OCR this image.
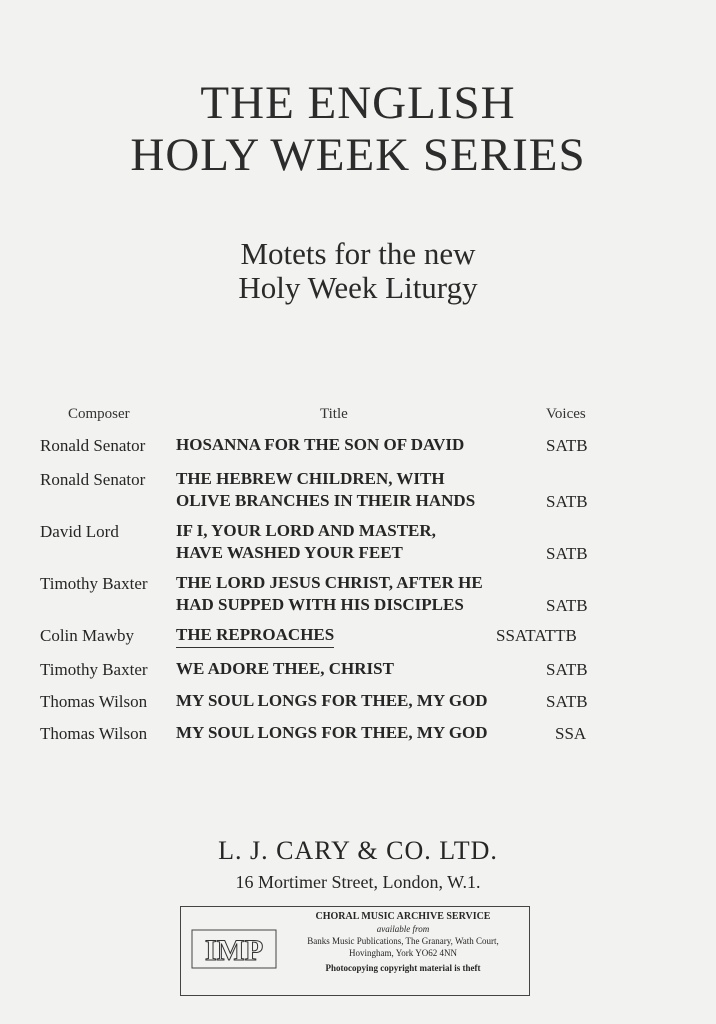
THE ENGLISH
HOLY WEEK SERIES
Motets for the new
Holy Week Liturgy
Composer	Title	Voices
Ronald Senator HOSANNA FOR THE SON OF DAVID	SATB
Ronald Senator THE HEBREW CHILDREN, WITH
OLIVE BRANCHES IN THEIR HANDS	SATB
David Lord	IF I, YOUR LORD AND MASTER,
HAVE WASHED YOUR FEET	SATB
Timothy Baxter THE LORD JESUS CHRIST, AFTER HE
HAD SUPPED WITH HIS DISCIPLES	SATB
Colin Mawby THE REPROACHES	SSATATTB
Timothy Baxter WE ADORE THEE, CHRIST	SATB
Thomas Wilson MY SOUL LONGS FOR THEE, MY GOD	SATB
Thomas Wilson MY SOUL LONGS FOR THEE, MY GOD	SSA
L. J. CARY & CO. LTD.
16 Mortimer Street, London, W.1.
IMP
CHORAL MUSIC ARCHIVE SERVICE
available from
Banks Music Publications, The Granary, Wath Court,
Hovingham, York YO62 4NN
Photocopying copyright material is theft
